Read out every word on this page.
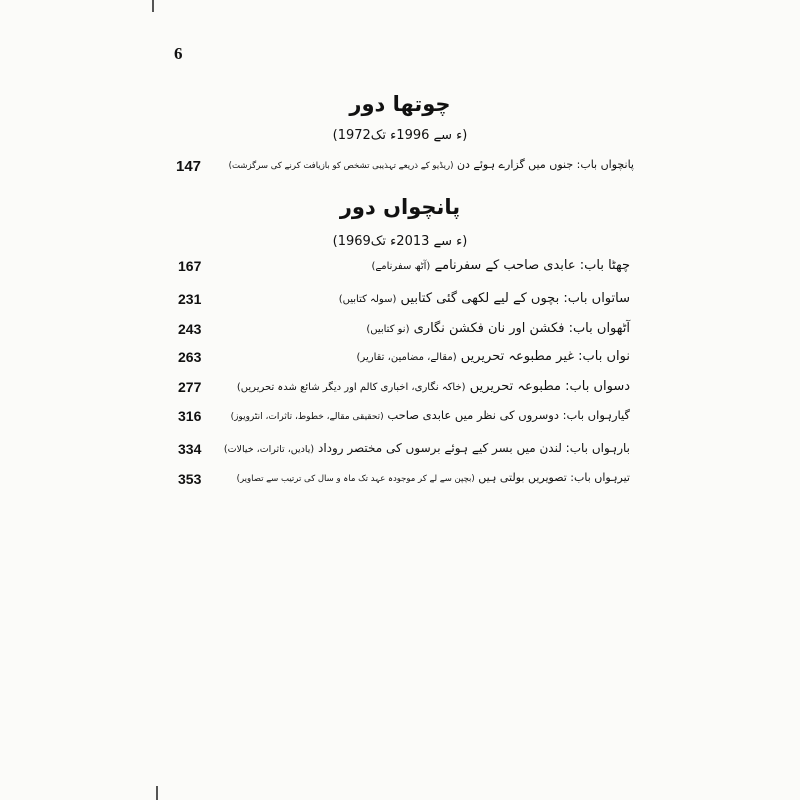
6
چوتھا دور
(1972ء سے 1996ء تک)
147	پانچواں باب: جنوں میں گزارے ہوئے دن (ریڈیو کے ذریعے تہذیبی تشخص کو بازیافت کرنے کی سرگزشت)
پانچواں دور
(1969ء سے 2013ء تک)
167	چھٹا باب: عابدی صاحب کے سفرنامے (آٹھ سفرنامے)
231	ساتواں باب: بچوں کے لیے لکھی گئی کتابیں (سولہ کتابیں)
243	آٹھواں باب: فکشن اور نان فکشن نگاری (نو کتابیں)
263	نواں باب: غیر مطبوعہ تحریریں (مقالے، مضامین، تقاریر)
277	دسواں باب: مطبوعہ تحریریں (خاکہ نگاری، اخباری کالم اور دیگر شائع شدہ تحریریں)
316	گیارہواں باب: دوسروں کی نظر میں عابدی صاحب (تحقیقی مقالے، خطوط، تاثرات، انٹرویوز)
334	بارہواں باب: لندن میں بسر کیے ہوئے برسوں کی مختصر روداد (یادیں، تاثرات، خیالات)
353	تیرہواں باب: تصویریں بولتی ہیں (بچپن سے لے کر موجودہ عہد تک ماہ و سال کی ترتیب سے تصاویر)
